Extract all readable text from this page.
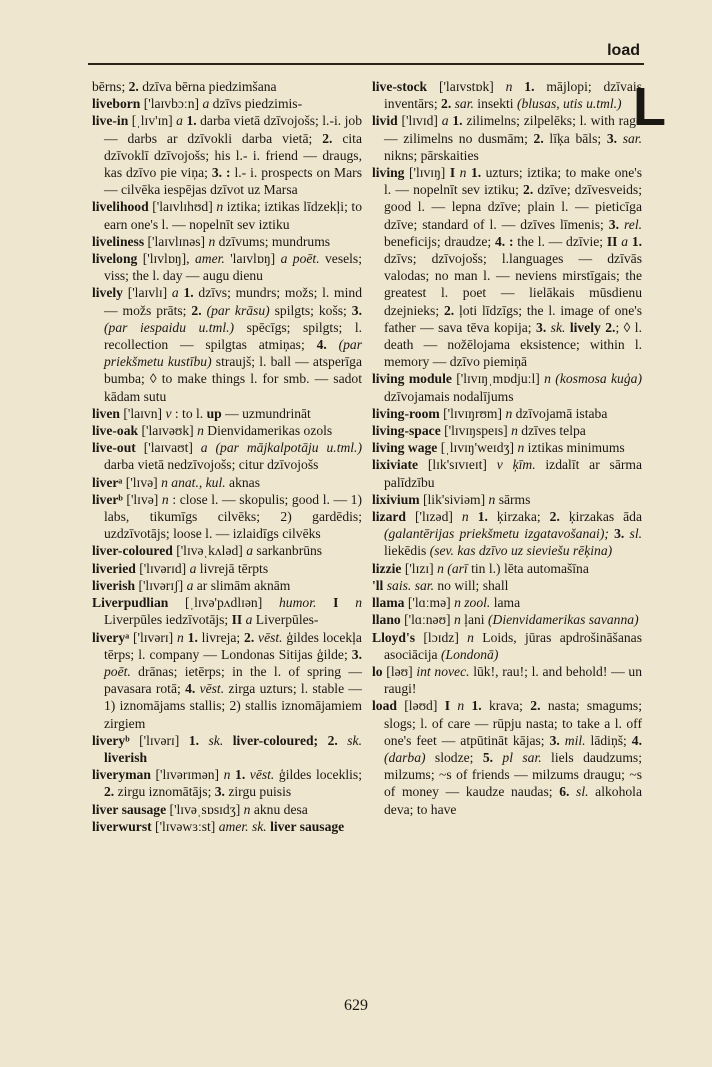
load
L

bērns; 2. dzīva bērna piedzimšana

liveborn ['laɪvbɔːn] a dzīvs piedzimis-

live-in [ˌlɪv'ɪn] a 1. darba vietā dzīvojošs; l.-i. job — darbs ar dzīvokli darba vietā; 2. cita dzīvoklī dzīvojošs; his l.- i. friend — draugs, kas dzīvo pie viņa; 3. : l.- i. prospects on Mars — cilvēka iespējas dzīvot uz Marsa

livelihood ['laɪvlɪhʊd] n iztika; iztikas līdzekļi; to earn one's l. — nopelnīt sev iztiku

liveliness ['laɪvlɪnəs] n dzīvums; mundrums

livelong ['lɪvlɒŋ], amer. 'laɪvlɒŋ] a poēt. vesels; viss; the l. day — augu dienu

lively ['laɪvlɪ] a 1. dzīvs; mundrs; možs; l. mind — možs prāts; 2. (par krāsu) spilgts; košs; 3. (par iespaidu u.tml.) spēcīgs; spilgts; l. recollection — spilgtas atmiņas; 4. (par priekšmetu kustību) straujš; l. ball — atsperīga bumba; ◊ to make things l. for smb. — sadot kādam sutu

liven ['laɪvn] v : to l. up — uzmundrināt

live-oak ['laɪvəʊk] n Dienvidamerikas ozols

live-out ['laɪvaʊt] a (par mājkalpotāju u.tml.) darba vietā nedzīvojošs; citur dzīvojošs

liverᵃ ['lɪvə] n anat., kul. aknas

liverᵇ ['lɪvə] n : close l. — skopulis; good l. — 1) labs, tikumīgs cilvēks; 2) gardēdis; uzdzīvotājs; loose l. — izlaidīgs cilvēks

liver-coloured ['lɪvəˌkʌləd] a sarkanbrūns

liveried ['lɪvərɪd] a livrejā tērpts

liverish ['lɪvərɪʃ] a ar slimām aknām

Liverpudlian [ˌlɪvə'pʌdlɪən] humor. I n Liverpūles iedzīvotājs; II a Liverpūles-

liveryᵃ ['lɪvərɪ] n 1. livreja; 2. vēst. ģildes locekļa tērps; l. company — Londonas Sitijas ģilde; 3. poēt. drānas; ietērps; in the l. of spring — pavasara rotā; 4. vēst. zirga uzturs; l. stable — 1) iznomājams stallis; 2) stallis iznomājamiem zirgiem

liveryᵇ ['lɪvərɪ] 1. sk. liver-coloured; 2. sk. liverish

liveryman ['lɪvərɪmən] n 1. vēst. ģildes loceklis; 2. zirgu iznomātājs; 3. zirgu puisis

liver sausage ['lɪvəˌsɒsɪdʒ] n aknu desa

liverwurst ['lɪvəwɜːst] amer. sk. liver sausage

live-stock ['laɪvstɒk] n 1. mājlopi; dzīvais inventārs; 2. sar. insekti (blusas, utis u.tml.)

livid ['lɪvɪd] a 1. zilimelns; zilpelēks; l. with rage — zilimelns no dusmām; 2. līķa bāls; 3. sar. nikns; pārskaities

living ['lɪvɪŋ] I n 1. uzturs; iztika; to make one's l. — nopelnīt sev iztiku; 2. dzīve; dzīvesveids; good l. — lepna dzīve; plain l. — pieticīga dzīve; standard of l. — dzīves līmenis; 3. rel. beneficijs; draudze; 4. : the l. — dzīvie; II a 1. dzīvs; dzīvojošs; l.languages — dzīvās valodas; no man l. — neviens mirstīgais; the greatest l. poet — lielākais mūsdienu dzejnieks; 2. ļoti līdzīgs; the l. image of one's father — sava tēva kopija; 3. sk. lively 2.; ◊ l. death — nožēlojama eksistence; within l. memory — dzīvo piemiņā

living module ['lɪvɪŋˌmɒdjuːl] n (kosmosa kuģa) dzīvojamais nodalījums

living-room ['lɪvɪŋrʊm] n dzīvojamā istaba

living-space ['lɪvɪŋspeɪs] n dzīves telpa

living wage [ˌlɪvɪŋ'weɪdʒ] n iztikas minimums

lixiviate [lɪk'sɪvɪeɪt] v ķīm. izdalīt ar sārma palīdzību

lixivium [lik'siviəm] n sārms

lizard ['lɪzəd] n 1. ķirzaka; 2. ķirzakas āda (galantērijas priekšmetu izgatavošanai); 3. sl. liekēdis (sev. kas dzīvo uz sieviešu rēķina)

lizzie ['lɪzɪ] n (arī tin l.) lēta automašīna

'll sais. sar. no will; shall

llama ['lɑːmə] n zool. lama

llano ['lɑːnəʊ] n ļani (Dienvidamerikas savanna)

Lloyd's [lɔɪdz] n Loids, jūras apdrošināšanas asociācija (Londonā)

lo [ləʊ] int novec. lūk!, rau!; l. and behold! — un raugi!

load [ləʊd] I n 1. krava; 2. nasta; smagums; slogs; l. of care — rūpju nasta; to take a l. off one's feet — atpūtināt kājas; 3. mil. lādiņš; 4. (darba) slodze; 5. pl sar. liels daudzums; milzums; ~s of friends — milzums draugu; ~s of money — kaudze naudas; 6. sl. alkohola deva; to have

629
